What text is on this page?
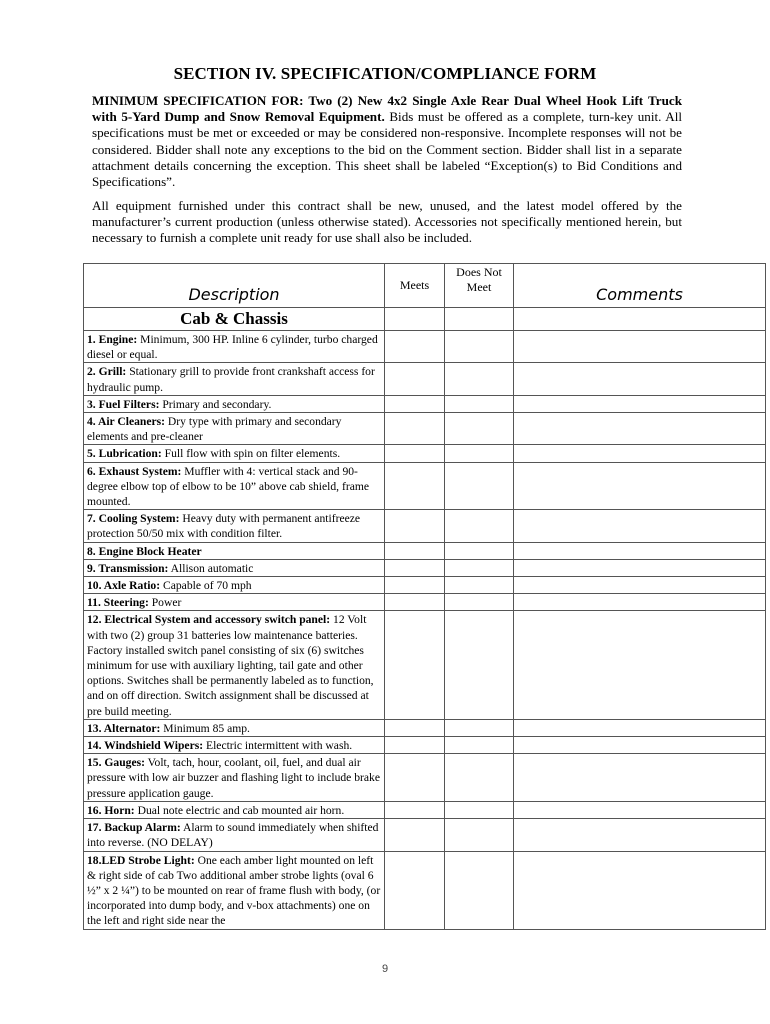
SECTION IV. SPECIFICATION/COMPLIANCE FORM

MINIMUM SPECIFICATION FOR: Two (2) New 4x2 Single Axle Rear Dual Wheel Hook Lift Truck with 5-Yard Dump and Snow Removal Equipment. Bids must be offered as a complete, turn-key unit. All specifications must be met or exceeded or may be considered non-responsive. Incomplete responses will not be considered. Bidder shall note any exceptions to the bid on the Comment section. Bidder shall list in a separate attachment details concerning the exception. This sheet shall be labeled “Exception(s) to Bid Conditions and Specifications”.

All equipment furnished under this contract shall be new, unused, and the latest model offered by the manufacturer’s current production (unless otherwise stated). Accessories not specifically mentioned herein, but necessary to furnish a complete unit ready for use shall also be included.

Description	Meets	Does Not Meet	Comments
Cab & Chassis			
1. Engine: Minimum, 300 HP. Inline 6 cylinder, turbo charged diesel or equal.			
2. Grill: Stationary grill to provide front crankshaft access for hydraulic pump.			
3. Fuel Filters: Primary and secondary.			
4. Air Cleaners: Dry type with primary and secondary elements and pre-cleaner			
5. Lubrication: Full flow with spin on filter elements.			
6. Exhaust System: Muffler with 4: vertical stack and 90-degree elbow top of elbow to be 10” above cab shield, frame mounted.			
7. Cooling System: Heavy duty with permanent antifreeze protection 50/50 mix with condition filter.			
8. Engine Block Heater			
9. Transmission: Allison automatic			
10. Axle Ratio: Capable of 70 mph			
11. Steering: Power			
12. Electrical System and accessory switch panel: 12 Volt with two (2) group 31 batteries low maintenance batteries. Factory installed switch panel consisting of six (6) switches minimum for use with auxiliary lighting, tail gate and other options. Switches shall be permanently labeled as to function, and on off direction. Switch assignment shall be discussed at pre build meeting.			
13. Alternator: Minimum 85 amp.			
14. Windshield Wipers: Electric intermittent with wash.			
15. Gauges: Volt, tach, hour, coolant, oil, fuel, and dual air pressure with low air buzzer and flashing light to include brake pressure application gauge.			
16. Horn: Dual note electric and cab mounted air horn.			
17. Backup Alarm: Alarm to sound immediately when shifted into reverse. (NO DELAY)			
18.LED Strobe Light: One each amber light mounted on left & right side of cab Two additional amber strobe lights (oval 6 ½” x 2 ¼”) to be mounted on rear of frame flush with body, (or incorporated into dump body, and v-box attachments) one on the left and right side near the			
9
